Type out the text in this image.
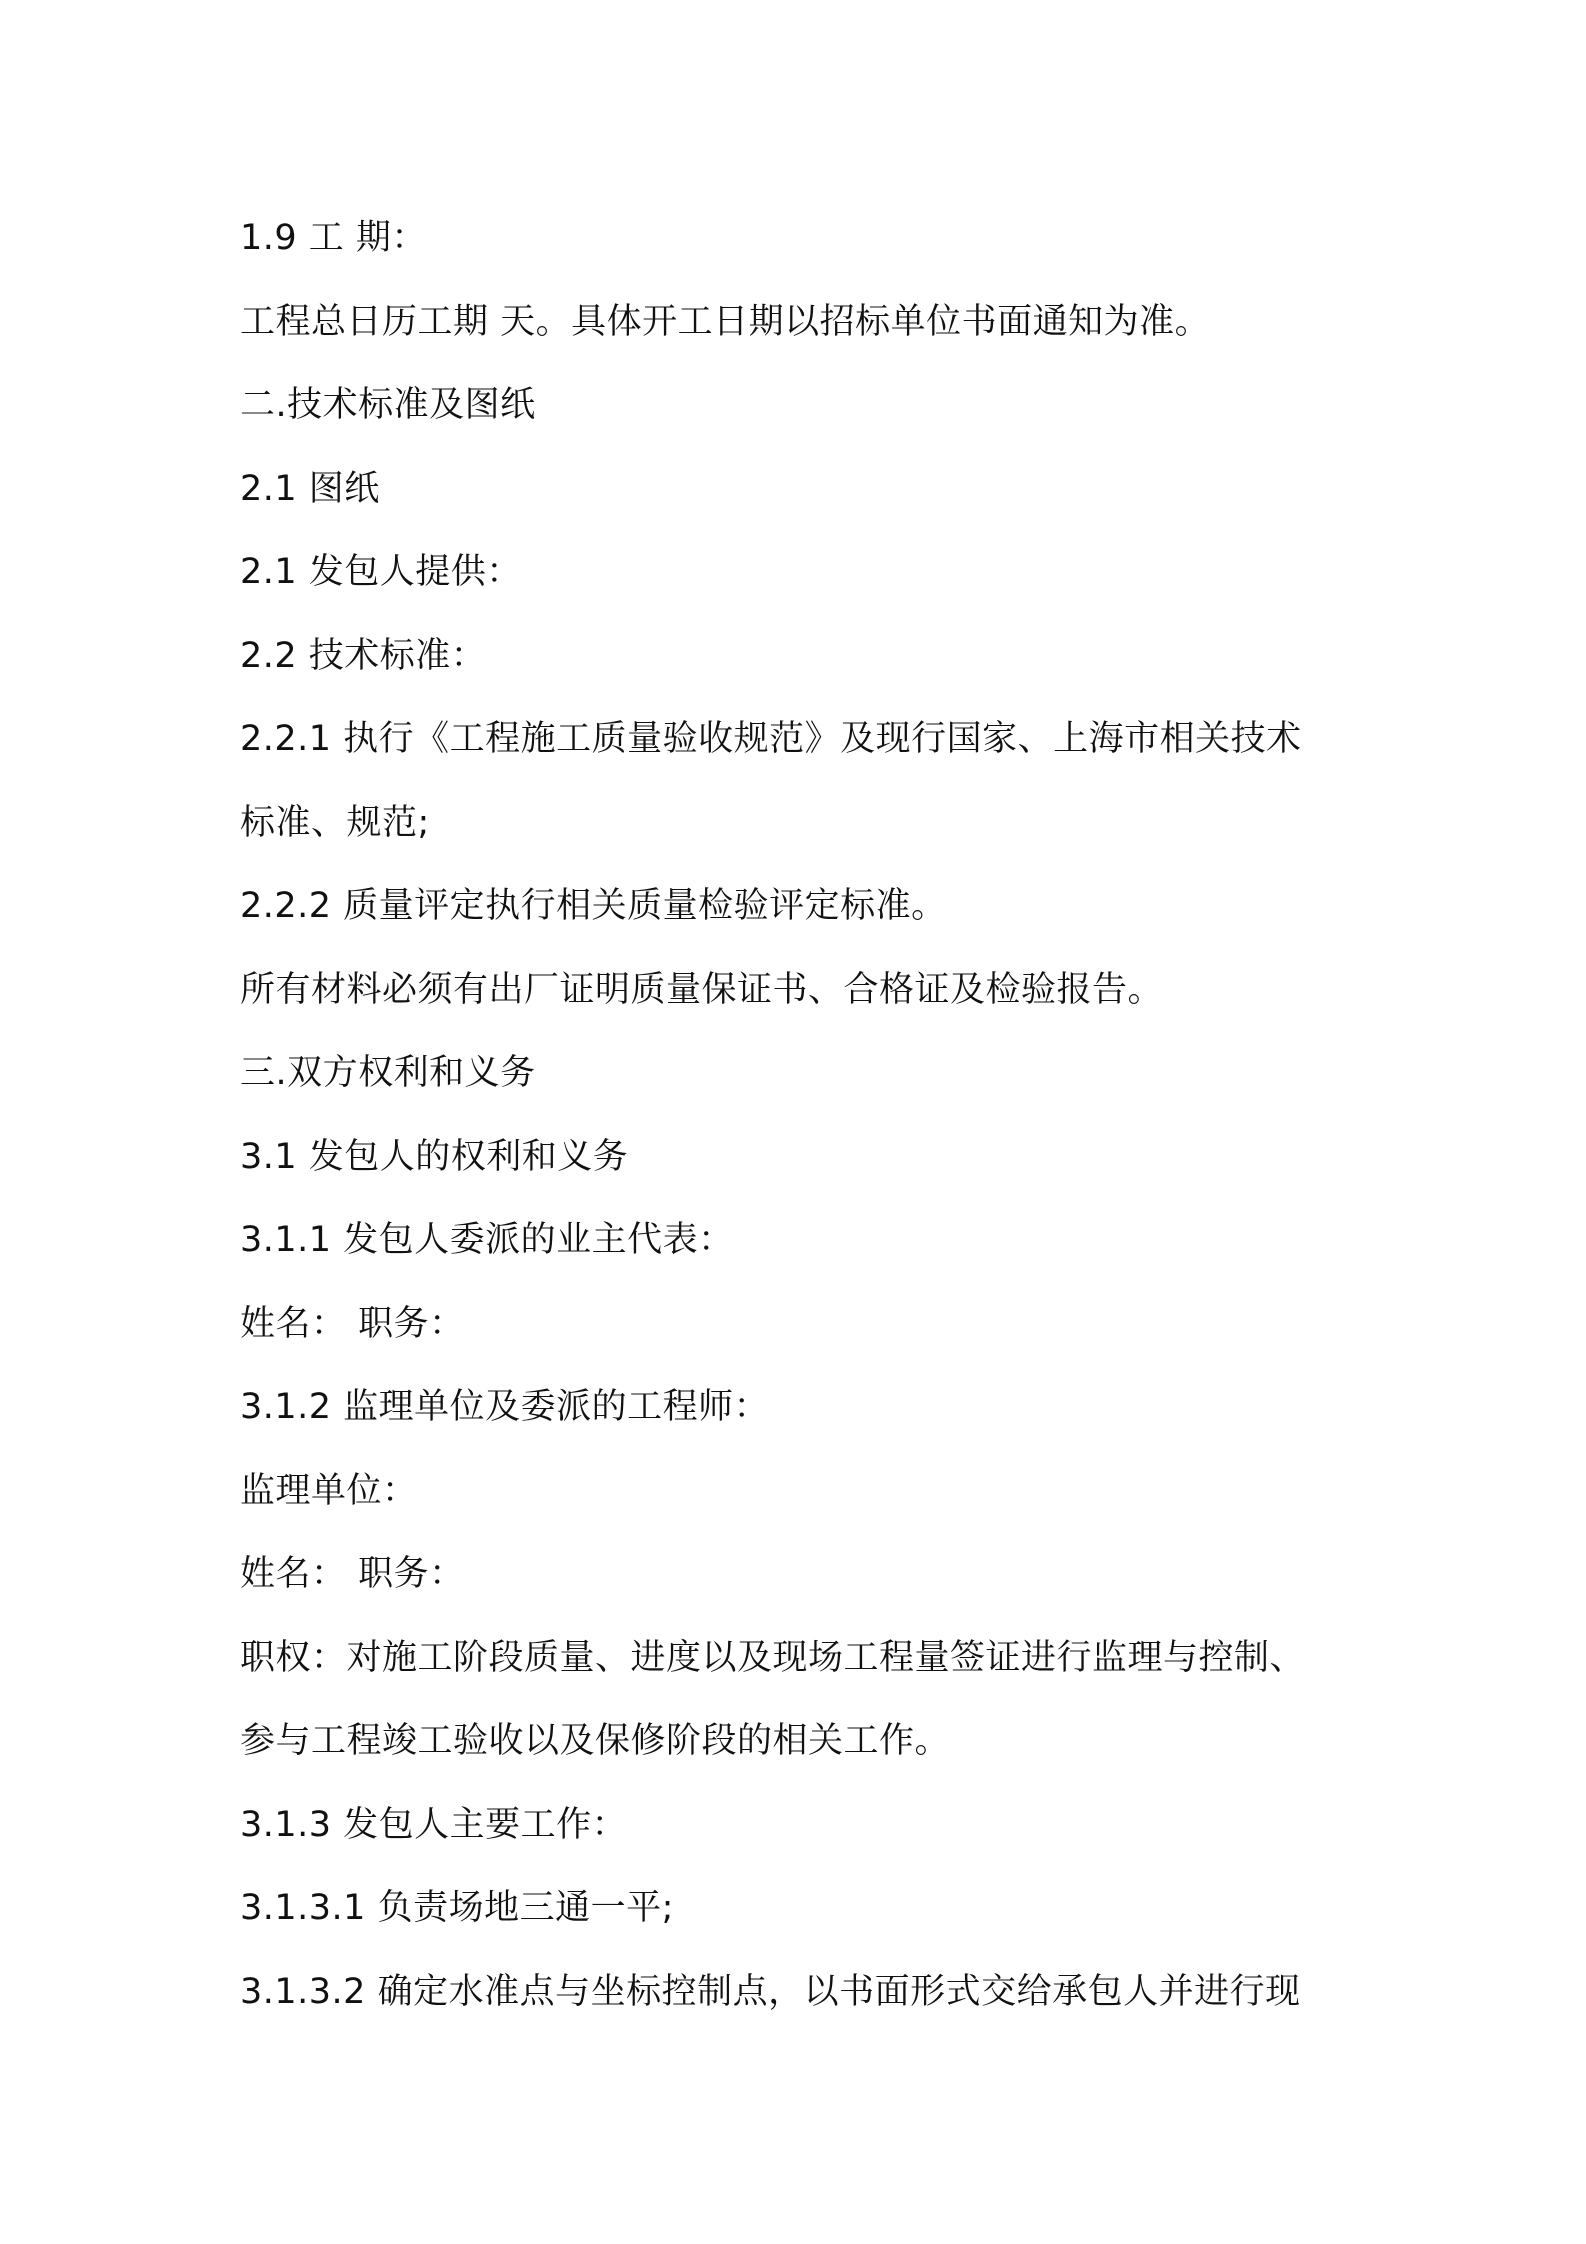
1.9 工 期：
工程总日历工期 天。具体开工日期以招标单位书面通知为准。
二.技术标准及图纸
2.1 图纸
2.1 发包人提供：
2.2 技术标准：
2.2.1 执行《工程施工质量验收规范》及现行国家、上海市相关技术
标准、规范;
2.2.2 质量评定执行相关质量检验评定标准。
所有材料必须有出厂证明质量保证书、合格证及检验报告。
三.双方权利和义务
3.1 发包人的权利和义务
3.1.1 发包人委派的业主代表：
姓名： 职务：
3.1.2 监理单位及委派的工程师：
监理单位：
姓名： 职务：
职权：对施工阶段质量、进度以及现场工程量签证进行监理与控制、
参与工程竣工验收以及保修阶段的相关工作。
3.1.3 发包人主要工作：
3.1.3.1 负责场地三通一平;
3.1.3.2 确定水准点与坐标控制点，以书面形式交给承包人并进行现
